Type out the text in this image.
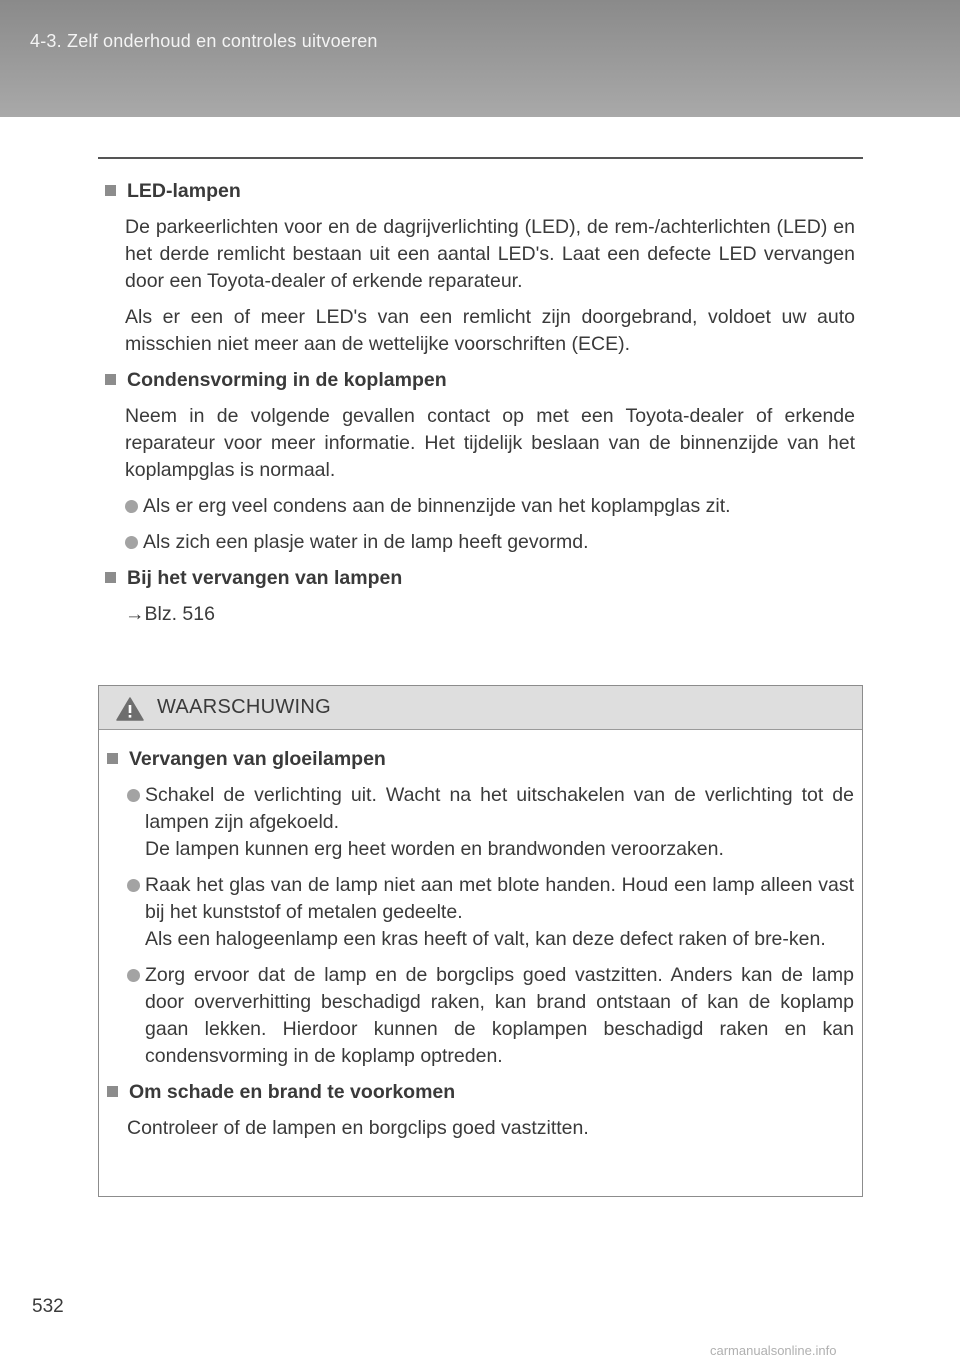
4-3. Zelf onderhoud en controles uitvoeren
LED-lampen
De parkeerlichten voor en de dagrijverlichting (LED), de rem-/achterlichten (LED) en het derde remlicht bestaan uit een aantal LED's. Laat een defecte LED vervangen door een Toyota-dealer of erkende reparateur.
Als er een of meer LED's van een remlicht zijn doorgebrand, voldoet uw auto misschien niet meer aan de wettelijke voorschriften (ECE).
Condensvorming in de koplampen
Neem in de volgende gevallen contact op met een Toyota-dealer of erkende reparateur voor meer informatie. Het tijdelijk beslaan van de binnenzijde van het koplampglas is normaal.
Als er erg veel condens aan de binnenzijde van het koplampglas zit.
Als zich een plasje water in de lamp heeft gevormd.
Bij het vervangen van lampen
→Blz. 516
WAARSCHUWING
Vervangen van gloeilampen
Schakel de verlichting uit. Wacht na het uitschakelen van de verlichting tot de lampen zijn afgekoeld.
De lampen kunnen erg heet worden en brandwonden veroorzaken.
Raak het glas van de lamp niet aan met blote handen. Houd een lamp alleen vast bij het kunststof of metalen gedeelte.
Als een halogeenlamp een kras heeft of valt, kan deze defect raken of bre-ken.
Zorg ervoor dat de lamp en de borgclips goed vastzitten. Anders kan de lamp door oververhitting beschadigd raken, kan brand ontstaan of kan de koplamp gaan lekken. Hierdoor kunnen de koplampen beschadigd raken en kan condensvorming in de koplamp optreden.
Om schade en brand te voorkomen
Controleer of de lampen en borgclips goed vastzitten.
532
carmanualsonline.info
